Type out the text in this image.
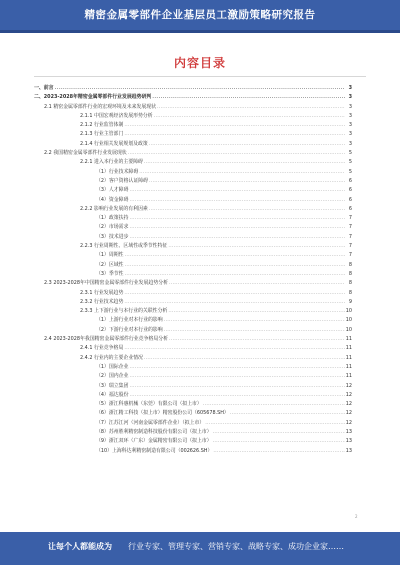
精密金属零部件企业基层员工激励策略研究报告
内容目录
一、前言 .....	3
二、2023-2028年精密金属零部件行业发展趋势研判 .....	3
2.1 精密金属零部件行业的宏观环境及未来发展现状 .....	3
2.1.1 中国宏观经济发展形势分析 .....	3
2.1.2 行业监管体制 .....	3
2.1.3 行业主管部门 .....	3
2.1.4 行业相关发展规划及政策 .....	3
2.2 我国精密金属零部件行业发展现状 .....	5
2.2.1 进入本行业的主要障碍 .....	5
（1）行业技术障碍 .....	5
（2）客户资格认证障碍 .....	6
（3）人才障碍 .....	6
（4）资金障碍 .....	6
2.2.2 影响行业发展的有利因素 .....	6
（1）政策扶持 .....	7
（2）市场需求 .....	7
（3）技术进步 .....	7
2.2.3 行业周期性、区域性或季节性特征 .....	7
（1）周期性 .....	7
（2）区域性 .....	8
（3）季节性 .....	8
2.3 2023-2028年中国精密金属零部件行业发展趋势分析 .....	8
2.3.1 行业发展趋势 .....	8
2.3.2 行业技术趋势 .....	9
2.3.3 上下游行业与本行业的关联性分析 .....	10
（1）上游行业对本行业的影响 .....	10
（2）下游行业对本行业的影响 .....	10
2.4 2023-2028年我国精密金属零部件行业竞争格局分析 .....	11
2.4.1 行业竞争格局 .....	11
2.4.2 行业内的主要企业情况 .....	11
（1）国际企业 .....	11
（2）国内企业 .....	11
（3）瑞立集团 .....	12
（4）福达股份 .....	12
（5）浙江科惠机械（东莞）有限公司（拟上市） .....	12
（6）浙江精工科技（拟上市）精密股份公司（605678.SH） .....	12
（7）江苏江河（河南金属零部件企业）（拟上市） .....	12
（8）苏州胜利精密制造科技股份有限公司（拟上市） .....	13
（9）浙江双环（广东）金属精密有限公司（拟上市） .....	13
（10）上海科达利精密制造有限公司（002626.SH） .....	13
2
让每个人都能成为 行业专家、管理专家、营销专家、战略专家、成功企业家……
